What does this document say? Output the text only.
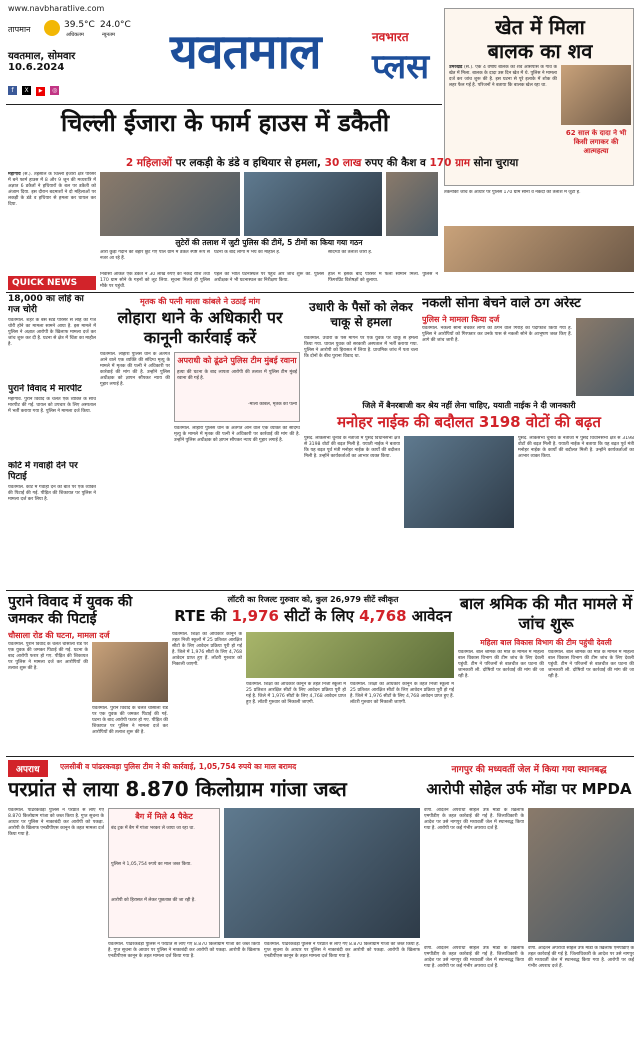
www.navbharatlive.com
तापमान	39.5°C 24.0°C
अधिकतम	न्यूनतम
यवतमाल, सोमवार
10.6.2024
f X ▶ ◎
यवतमाल	नवभारत
प्लस
खेत में मिला
बालक का शव
उमरखेड (सं.). एक 4 वर्षीय बालक का शव आसपास के गांव के खेत में मिला. बालक के दादा उस दिन खेत में थे. पुलिस ने मामला दर्ज कर जांच शुरू की है. इस घटना से पूरे इलाके में शोक की लहर फैल गई है. परिजनों ने बताया कि बालक खेल रहा था.
62 साल के दादा ने भी किसी लगाकर की आत्महत्या
चिल्ली ईजारा के फार्म हाउस में डकैती
2 महिलाओं पर लकड़ी के डंडे व हथियार से हमला, 30 लाख रुपए की कैश व 170 ग्राम सोना चुराया
महागांव (सं.). तहसील के चिल्ली ईजारा क्षेत्र परिसर में बने फार्म हाउस में 8 और 9 जून की मध्यरात्रि में अज्ञात 6 डकैतों ने हथियारों के बल पर डकैती को अंजाम दिया. इस दौरान बदमाशों ने दो महिलाओं पर लकड़ी के डंडे व हथियार से हमला कर घायल कर दिया.
लुटेरों की तलाश में जुटी पुलिस की टीमें, 5 टीमों का किया गया गठन
आरा कुड़ा गदान की बहार छूट गए पाल ग्राम में डकैत स्पष्ट रूप से नजर आ रहे हैं.
घटना के बाद लोगों में भय का माहौल है.	संदिग्धों की तलाश जारी है.
निवासी अंकित एक डकैत ने 30 लाख रुपए की नकद राशि तथा 170 ग्राम सोने के गहनों को लूट लिया. सूचना मिलते ही पुलिस मौके पर पहुंची.
पहले की भांति घटनास्थल पर पहुंचे और जांच शुरू की. पुलिस अधीक्षक ने भी घटनास्थल का निरीक्षण किया.
हॉल में इसके बाद परिसर में फैला सामान मिला. पुलिस ने फिंगरप्रिंट विशेषज्ञों को बुलाया.
तकनीकी जांच के आधार पर पुलिस 170 ग्राम सोना व नकदी की तलाश में जुटी है.
QUICK NEWS
18,000 का लोहे का गज चोरी
यवतमाल. शहर के बस स्टैंड परिसर से लोहे का गज चोरी होने का मामला सामने आया है. इस मामले में पुलिस ने अज्ञात आरोपी के खिलाफ मामला दर्ज कर जांच शुरू कर दी है. घटना से क्षेत्र में चिंता का माहौल है.
पुराने विवाद में मारपीट
महागांव. पुराने विवाद के चलते एक व्यक्ति के साथ मारपीट की गई. घायल को उपचार के लिए अस्पताल में भर्ती कराया गया है. पुलिस ने मामला दर्ज किया.
कोर्ट में गवाही देने पर पिटाई
यवतमाल. कोर्ट में गवाही देने की बात पर एक व्यक्ति की पिटाई की गई. पीड़ित की शिकायत पर पुलिस ने मामला दर्ज कर लिया है.
मृतक की पत्नी माला कांबले ने उठाई मांग
लोहारा थाने के अधिकारी पर कानूनी कार्रवाई करें
यवतमाल. लोहारा पुलिस थाने के अंतर्गत आने वाले एक व्यक्ति की संदिग्ध मृत्यु के मामले में मृतक की पत्नी ने अधिकारी पर कार्रवाई की मांग की है. उन्होंने पुलिस अधीक्षक को ज्ञापन सौंपकर न्याय की गुहार लगाई है.
अपराधी को ढूंढने पुलिस टीम मुंबई रवाना
हत्या की घटना के बाद लापता आरोपी की तलाश में पुलिस टीम मुंबई रवाना की गई है.
-माला कांबले, मृतक की पत्नी
यवतमाल. लोहारा पुलिस थाने के अंतर्गत आने वाले एक व्यक्ति की संदिग्ध मृत्यु के मामले में मृतक की पत्नी ने अधिकारी पर कार्रवाई की मांग की है. उन्होंने पुलिस अधीक्षक को ज्ञापन सौंपकर न्याय की गुहार लगाई है.
उधारी के पैसों को लेकर चाकू से हमला
यवतमाल. उधारी के पैसे मांगने पर एक युवक पर चाकू से हमला किया गया. घायल युवक को सरकारी अस्पताल में भर्ती कराया गया. पुलिस ने आरोपी को हिरासत में लिया है. प्राथमिक जांच में पता चला कि दोनों के बीच पुराना विवाद था.
नकली सोना बेचने वाले ठग अरेस्ट
पुलिस ने मामला किया दर्ज
यवतमाल. नकली सोना बेचकर लोगों को ठगने वाले गिरोह का पर्दाफाश किया गया है. पुलिस ने आरोपियों को गिरफ्तार कर उनके पास से नकली सोने के आभूषण जब्त किए हैं. आगे की जांच जारी है.
जिले में बैनरबाजी कर श्रेय नहीं लेना चाहिए, ययाती नाईक ने दी जानकारी
मनोहर नाईक की बदौलत 3198 वोटों की बढ़त
पुसद. लोकसभा चुनाव के नतीजों में पुसद विधानसभा क्षेत्र से 3198 वोटों की बढ़त मिली है. ययाती नाईक ने बताया कि यह बढ़त पूर्व मंत्री मनोहर नाईक के कार्यों की बदौलत मिली है. उन्होंने कार्यकर्ताओं का आभार व्यक्त किया.
पुसद. लोकसभा चुनाव के नतीजों में पुसद विधानसभा क्षेत्र से 3198 वोटों की बढ़त मिली है. ययाती नाईक ने बताया कि यह बढ़त पूर्व मंत्री मनोहर नाईक के कार्यों की बदौलत मिली है. उन्होंने कार्यकर्ताओं का आभार व्यक्त किया.
पुराने विवाद में युवक की जमकर की पिटाई
चौसाला रोड की घटना, मामला दर्ज
यवतमाल. पुराने विवाद के चलते चौसाला रोड पर एक युवक की जमकर पिटाई की गई. घटना के बाद आरोपी फरार हो गए. पीड़ित की शिकायत पर पुलिस ने मामला दर्ज कर आरोपियों की तलाश शुरू की है.
यवतमाल. पुराने विवाद के चलते चौसाला रोड पर एक युवक की जमकर पिटाई की गई. घटना के बाद आरोपी फरार हो गए. पीड़ित की शिकायत पर पुलिस ने मामला दर्ज कर आरोपियों की तलाश शुरू की है.
लॉटरी का रिजल्ट गुरुवार को, कुल 26,979 सीटें स्वीकृत
RTE की 1,976 सीटों के लिए 4,768 आवेदन
यवतमाल. शिक्षा का अधिकार कानून के तहत निजी स्कूलों में 25 प्रतिशत आरक्षित सीटों के लिए आवेदन प्रक्रिया पूरी हो गई है. जिले में 1,976 सीटों के लिए 4,768 आवेदन प्राप्त हुए हैं. लॉटरी गुरुवार को निकाली जाएगी.
यवतमाल. शिक्षा का अधिकार कानून के तहत निजी स्कूलों में 25 प्रतिशत आरक्षित सीटों के लिए आवेदन प्रक्रिया पूरी हो गई है. जिले में 1,976 सीटों के लिए 4,768 आवेदन प्राप्त हुए हैं. लॉटरी गुरुवार को निकाली जाएगी.
यवतमाल. शिक्षा का अधिकार कानून के तहत निजी स्कूलों में 25 प्रतिशत आरक्षित सीटों के लिए आवेदन प्रक्रिया पूरी हो गई है. जिले में 1,976 सीटों के लिए 4,768 आवेदन प्राप्त हुए हैं. लॉटरी गुरुवार को निकाली जाएगी.
बाल श्रमिक की मौत मामले में जांच शुरू
महिला बाल विकास विभाग की टीम पहुंची देवली
यवतमाल. बाल श्रमिक की मौत के मामले में महिला बाल विकास विभाग की टीम जांच के लिए देवली पहुंची. टीम ने परिजनों से बातचीत कर घटना की जानकारी ली. दोषियों पर कार्रवाई की मांग की जा रही है.
यवतमाल. बाल श्रमिक की मौत के मामले में महिला बाल विकास विभाग की टीम जांच के लिए देवली पहुंची. टीम ने परिजनों से बातचीत कर घटना की जानकारी ली. दोषियों पर कार्रवाई की मांग की जा रही है.
अपराध	एलसीबी व पांढरकवड़ा पुलिस टीम ने की कार्रवाई, 1,05,754 रुपये का माल बरामद
परप्रांत से लाया 8.870 किलोग्राम गांजा जब्त
यवतमाल. पांढरकवड़ा पुलिस ने परप्रांत से लाए गए 8.870 किलोग्राम गांजा को जब्त किया है. गुप्त सूचना के आधार पर पुलिस ने नाकाबंदी कर आरोपी को पकड़ा. आरोपी के खिलाफ एनडीपीएस कानून के तहत मामला दर्ज किया गया है.
बैग में मिले 4 पैकेट
बंद ट्रक में बैग में गांजा भरकर ले जाया जा रहा था.
पुलिस ने 1,05,754 रुपये का माल जब्त किया.
आरोपी को हिरासत में लेकर पूछताछ की जा रही है.
यवतमाल. पांढरकवड़ा पुलिस ने परप्रांत से लाए गए 8.870 किलोग्राम गांजा को जब्त किया है. गुप्त सूचना के आधार पर पुलिस ने नाकाबंदी कर आरोपी को पकड़ा. आरोपी के खिलाफ एनडीपीएस कानून के तहत मामला दर्ज किया गया है.
यवतमाल. पांढरकवड़ा पुलिस ने परप्रांत से लाए गए 8.870 किलोग्राम गांजा को जब्त किया है. गुप्त सूचना के आधार पर पुलिस ने नाकाबंदी कर आरोपी को पकड़ा. आरोपी के खिलाफ एनडीपीएस कानून के तहत मामला दर्ज किया गया है.
नागपुर की मध्यवर्ती जेल में किया गया स्थानबद्ध
आरोपी सोहेल उर्फ मोंडा पर MPDA
वणी. आदतन अपराधी सोहेल उर्फ मोंडा के खिलाफ एमपीडीए के तहत कार्रवाई की गई है. जिलाधिकारी के आदेश पर उसे नागपुर की मध्यवर्ती जेल में स्थानबद्ध किया गया है. आरोपी पर कई गंभीर अपराध दर्ज हैं.
वणी. आदतन अपराधी सोहेल उर्फ मोंडा के खिलाफ एमपीडीए के तहत कार्रवाई की गई है. जिलाधिकारी के आदेश पर उसे नागपुर की मध्यवर्ती जेल में स्थानबद्ध किया गया है. आरोपी पर कई गंभीर अपराध दर्ज हैं.
वणी. आदतन अपराधी सोहेल उर्फ मोंडा के खिलाफ एमपीडीए के तहत कार्रवाई की गई है. जिलाधिकारी के आदेश पर उसे नागपुर की मध्यवर्ती जेल में स्थानबद्ध किया गया है. आरोपी पर कई गंभीर अपराध दर्ज हैं.
